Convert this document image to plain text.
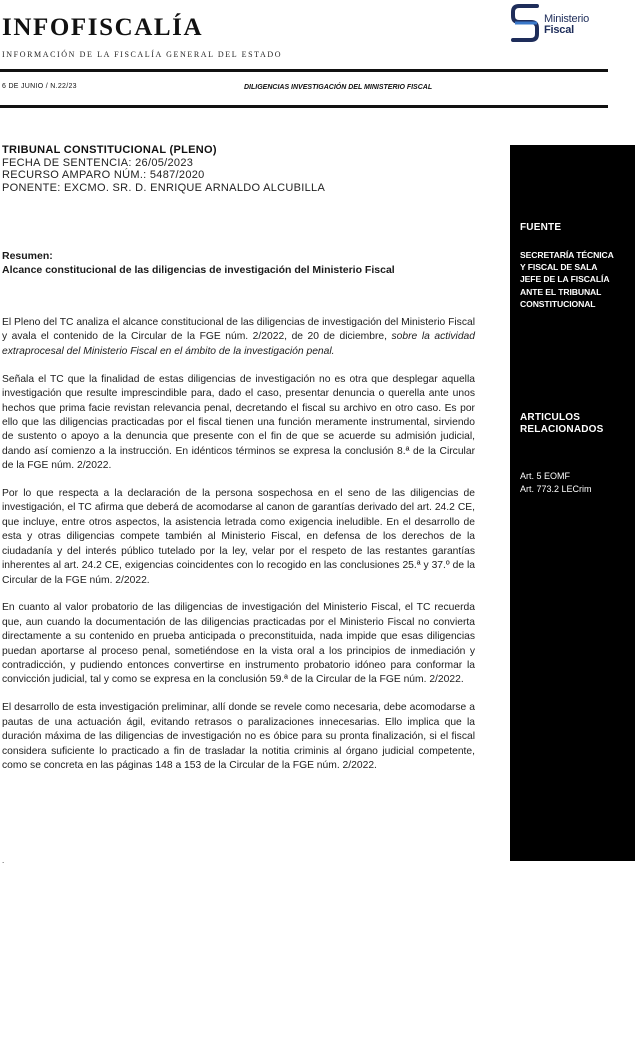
INFOFISCALÍA
INFORMACIÓN DE LA FISCALÍA GENERAL DEL ESTADO
Ministerio
Fiscal
6 DE JUNIO / N.22/23	DILIGENCIAS INVESTIGACIÓN DEL MINISTERIO FISCAL
TRIBUNAL CONSTITUCIONAL (PLENO)
FECHA DE SENTENCIA: 26/05/2023
RECURSO AMPARO NÚM.: 5487/2020
PONENTE: EXCMO. SR. D. ENRIQUE ARNALDO ALCUBILLA
Resumen:
Alcance constitucional de las diligencias de investigación del Ministerio Fiscal

El Pleno del TC analiza el alcance constitucional de las diligencias de investigación del Ministerio Fiscal y avala el contenido de la Circular de la FGE núm. 2/2022, de 20 de diciembre, sobre la actividad extraprocesal del Ministerio Fiscal en el ámbito de la investigación penal.

Señala el TC que la finalidad de estas diligencias de investigación no es otra que desplegar aquella investigación que resulte imprescindible para, dado el caso, presentar denuncia o querella ante unos hechos que prima facie revistan relevancia penal, decretando el fiscal su archivo en otro caso. Es por ello que las diligencias practicadas por el fiscal tienen una función meramente instrumental, sirviendo de sustento o apoyo a la denuncia que presente con el fin de que se acuerde su admisión judicial, dando así comienzo a la instrucción. En idénticos términos se expresa la conclusión 8.ª de la Circular de la FGE núm. 2/2022.

Por lo que respecta a la declaración de la persona sospechosa en el seno de las diligencias de investigación, el TC afirma que deberá de acomodarse al canon de garantías derivado del art. 24.2 CE, que incluye, entre otros aspectos, la asistencia letrada como exigencia ineludible. En el desarrollo de esta y otras diligencias compete también al Ministerio Fiscal, en defensa de los derechos de la ciudadanía y del interés público tutelado por la ley, velar por el respeto de las restantes garantías inherentes al art. 24.2 CE, exigencias coincidentes con lo recogido en las conclusiones 25.ª y 37.º de la Circular de la FGE núm. 2/2022.

En cuanto al valor probatorio de las diligencias de investigación del Ministerio Fiscal, el TC recuerda que, aun cuando la documentación de las diligencias practicadas por el Ministerio Fiscal no convierta directamente a su contenido en prueba anticipada o preconstituida, nada impide que esas diligencias puedan aportarse al proceso penal, sometiéndose en la vista oral a los principios de inmediación y contradicción, y pudiendo entonces convertirse en instrumento probatorio idóneo para conformar la convicción judicial, tal y como se expresa en la conclusión 59.ª de la Circular de la FGE núm. 2/2022.

El desarrollo de esta investigación preliminar, allí donde se revele como necesaria, debe acomodarse a pautas de una actuación ágil, evitando retrasos o paralizaciones innecesarias. Ello implica que la duración máxima de las diligencias de investigación no es óbice para su pronta finalización, si el fiscal considera suficiente lo practicado a fin de trasladar la notitia criminis al órgano judicial competente, como se concreta en las páginas 148 a 153 de la Circular de la FGE núm. 2/2022.

.
FUENTE
SECRETARÍA TÉCNICA
Y FISCAL DE SALA
JEFE DE LA FISCALÍA
ANTE EL TRIBUNAL
CONSTITUCIONAL
ARTICULOS
RELACIONADOS
Art. 5 EOMF
Art. 773.2 LECrim
